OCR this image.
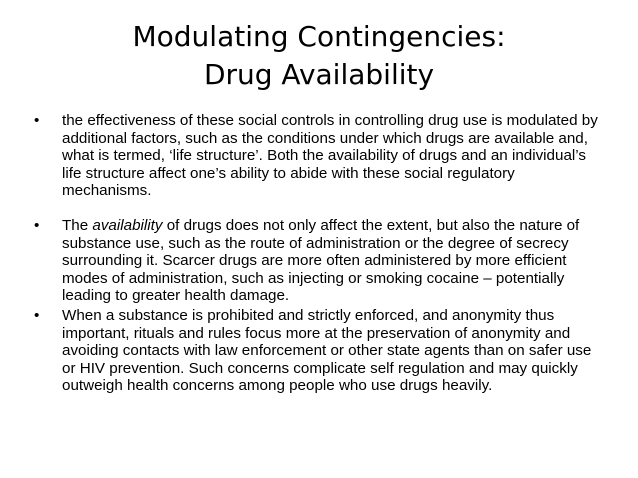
Modulating Contingencies:
Drug Availability
• the effectiveness of these social controls in controlling drug use is modulated by additional factors, such as the conditions under which drugs are available and, what is termed, ‘life structure’. Both the availability of drugs and an individual’s life structure affect one’s ability to abide with these social regulatory mechanisms.
• The availability of drugs does not only affect the extent, but also the nature of substance use, such as the route of administration or the degree of secrecy surrounding it. Scarcer drugs are more often administered by more efficient modes of administration, such as injecting or smoking cocaine – potentially leading to greater health damage.
• When a substance is prohibited and strictly enforced, and anonymity thus important, rituals and rules focus more at the preservation of anonymity and avoiding contacts with law enforcement or other state agents than on safer use or HIV prevention. Such concerns complicate self regulation and may quickly outweigh health concerns among people who use drugs heavily.
